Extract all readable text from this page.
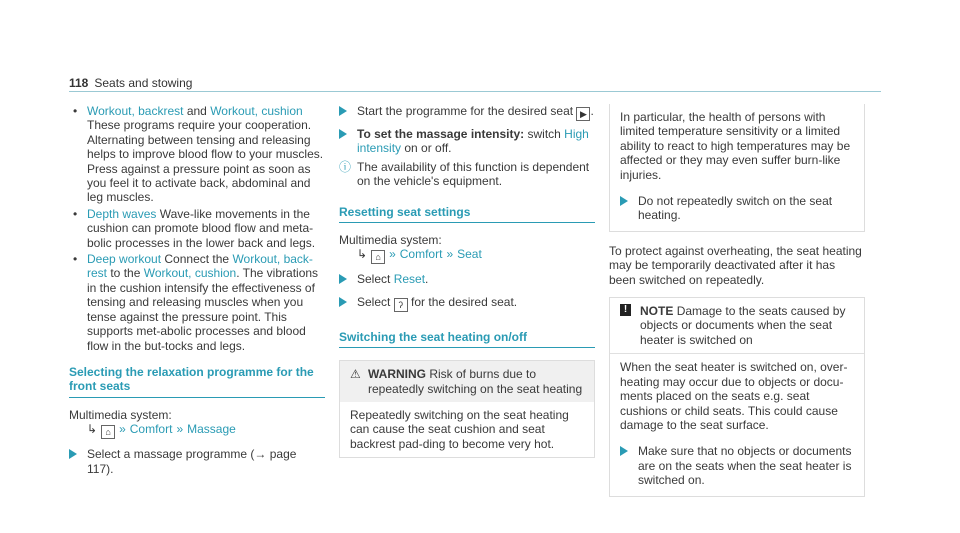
118 Seats and stowing
• Workout, backrest and Workout, cushion
These programs require your cooperation. Alternating between tensing and releasing helps to improve blood flow to your muscles. Press against a pressure point as soon as you feel it to activate back, abdominal and leg muscles.
• Depth waves Wave-like movements in the cushion can promote blood flow and meta-bolic processes in the lower back and legs.
• Deep workout Connect the Workout, back-rest to the Workout, cushion. The vibrations in the cushion intensify the effectiveness of tensing and releasing muscles when you tense against the pressure point. This supports met-abolic processes and blood flow in the but-tocks and legs.
Selecting the relaxation programme for the front seats
Multimedia system:
↳ ⌂ » Comfort » Massage
Select a massage programme (→ page 117).
Start the programme for the desired seat ▶ .
To set the massage intensity: switch High intensity on or off.
ⓘ The availability of this function is dependent on the vehicle's equipment.
Resetting seat settings
Multimedia system:
↳ ⌂ » Comfort » Seat
Select Reset.
Select ʔ for the desired seat.
Switching the seat heating on/off
⚠ WARNING Risk of burns due to repeatedly switching on the seat heating
Repeatedly switching on the seat heating can cause the seat cushion and seat backrest pad-ding to become very hot.
In particular, the health of persons with limited temperature sensitivity or a limited ability to react to high temperatures may be affected or they may even suffer burn-like injuries.
Do not repeatedly switch on the seat heating.
To protect against overheating, the seat heating may be temporarily deactivated after it has been switched on repeatedly.
!	NOTE Damage to the seats caused by objects or documents when the seat heater is switched on
When the seat heater is switched on, over-heating may occur due to objects or docu-ments placed on the seats e.g. seat cushions or child seats. This could cause damage to the seat surface.
Make sure that no objects or documents are on the seats when the seat heater is switched on.
